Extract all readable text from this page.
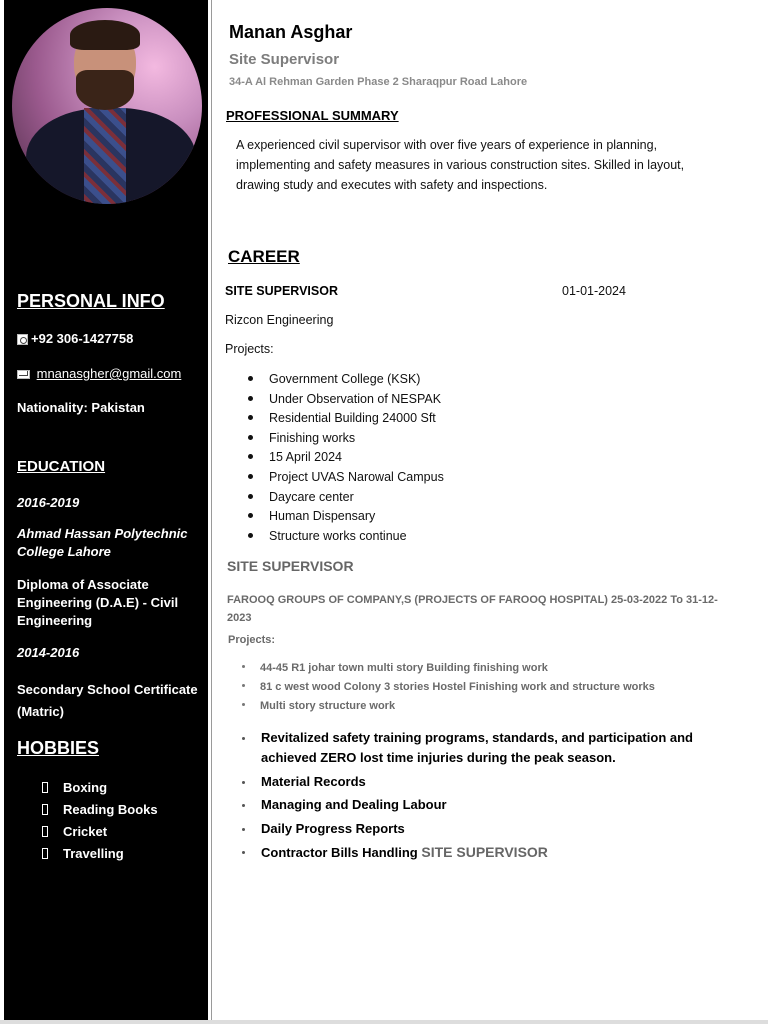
PERSONAL INFO
+92 306-1427758
mnanasgher@gmail.com
Nationality: Pakistan
EDUCATION
2016-2019
Ahmad Hassan Polytechnic College Lahore
Diploma of Associate Engineering (D.A.E) - Civil Engineering
2014-2016
Secondary School Certificate (Matric)
HOBBIES
Boxing
Reading Books
Cricket
Travelling
Manan Asghar
Site Supervisor
34-A Al Rehman Garden Phase 2 Sharaqpur Road Lahore
PROFESSIONAL SUMMARY
A experienced civil supervisor with over five years of experience in planning, implementing and safety measures in various construction sites. Skilled in layout, drawing study and executes with safety and inspections.
CAREER
SITE SUPERVISOR	01-01-2024
Rizcon Engineering
Projects:
Government College (KSK)
Under Observation of NESPAK
Residential Building 24000 Sft
Finishing works
15 April 2024
Project UVAS Narowal Campus
Daycare center
Human Dispensary
Structure works continue
SITE SUPERVISOR
FAROOQ GROUPS OF COMPANY,S (PROJECTS OF FAROOQ HOSPITAL) 25-03-2022 To 31-12-2023
Projects:
44-45 R1 johar town multi story Building finishing work
81 c west wood Colony 3 stories Hostel Finishing work and structure works
Multi story structure work
Revitalized safety training programs, standards, and participation and achieved ZERO lost time injuries during the peak season.
Material Records
Managing and Dealing Labour
Daily Progress Reports
Contractor Bills Handling SITE SUPERVISOR
